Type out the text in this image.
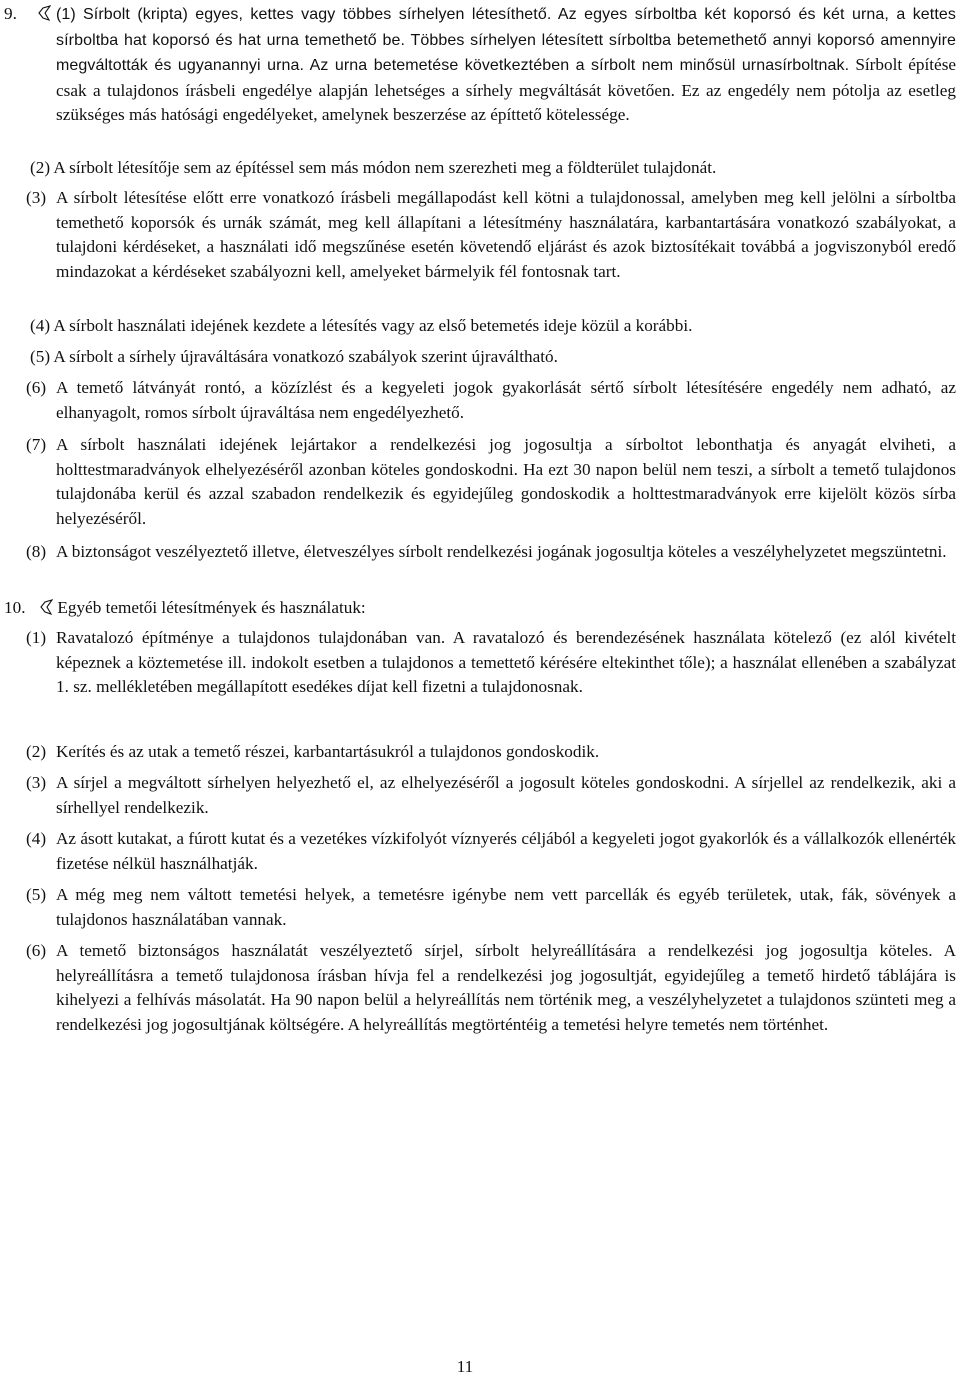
9. (1) Sírbolt (kripta) egyes, kettes vagy többes sírhelyen létesíthető. Az egyes sírboltba két koporsó és két urna, a kettes sírboltba hat koporsó és hat urna temethető be. Többes sírhelyen létesített sírboltba betemethető annyi koporsó amennyire megváltották és ugyanannyi urna. Az urna betemetése következtében a sírbolt nem minősül urnasírboltnak. Sírbolt építése csak a tulajdonos írásbeli engedélye alapján lehetséges a sírhely megváltását követően. Ez az engedély nem pótolja az esetleg szükséges más hatósági engedélyeket, amelynek beszerzése az építtető kötelessége.

(2) A sírbolt létesítője sem az építéssel sem más módon nem szerezheti meg a földterület tulajdonát.

(3) A sírbolt létesítése előtt erre vonatkozó írásbeli megállapodást kell kötni a tulajdonossal, amelyben meg kell jelölni a sírboltba temethető koporsók és urnák számát, meg kell állapítani a létesítmény használatára, karbantartására vonatkozó szabályokat, a tulajdoni kérdéseket, a használati idő megszűnése esetén követendő eljárást és azok biztosítékait továbbá a jogviszonyból eredő mindazokat a kérdéseket szabályozni kell, amelyeket bármelyik fél fontosnak tart.

(4) A sírbolt használati idejének kezdete a létesítés vagy az első betemetés ideje közül a korábbi.

(5) A sírbolt a sírhely újraváltására vonatkozó szabályok szerint újraváltható.

(6) A temető látványát rontó, a közízlést és a kegyeleti jogok gyakorlását sértő sírbolt létesítésére engedély nem adható, az elhanyagolt, romos sírbolt újraváltása nem engedélyezhető.

(7) A sírbolt használati idejének lejártakor a rendelkezési jog jogosultja a sírboltot lebonthatja és anyagát elviheti, a holttestmaradványok elhelyezéséről azonban köteles gondoskodni. Ha ezt 30 napon belül nem teszi, a sírbolt a temető tulajdonos tulajdonába kerül és azzal szabadon rendelkezik és egyidejűleg gondoskodik a holttestmaradványok erre kijelölt közös sírba helyezéséről.

(8) A biztonságot veszélyeztető illetve, életveszélyes sírbolt rendelkezési jogának jogosultja köteles a veszélyhelyzetet megszüntetni.

10. Egyéb temetői létesítmények és használatuk:
(1) Ravatalozó építménye a tulajdonos tulajdonában van. A ravatalozó és berendezésének használata kötelező (ez alól kivételt képeznek a köztemetése ill. indokolt esetben a tulajdonos a temettető kérésére eltekinthet tőle); a használat ellenében a szabályzat 1. sz. mellékletében megállapított esedékes díjat kell fizetni a tulajdonosnak.

(2) Kerítés és az utak a temető részei, karbantartásukról a tulajdonos gondoskodik.

(3) A sírjel a megváltott sírhelyen helyezhető el, az elhelyezéséről a jogosult köteles gondoskodni. A sírjellel az rendelkezik, aki a sírhellyel rendelkezik.

(4) Az ásott kutakat, a fúrott kutat és a vezetékes vízkifolyót víznyerés céljából a kegyeleti jogot gyakorlók és a vállalkozók ellenérték fizetése nélkül használhatják.

(5) A még meg nem váltott temetési helyek, a temetésre igénybe nem vett parcellák és egyéb területek, utak, fák, sövények a tulajdonos használatában vannak.

(6) A temető biztonságos használatát veszélyeztető sírjel, sírbolt helyreállítására a rendelkezési jog jogosultja köteles. A helyreállításra a temető tulajdonosa írásban hívja fel a rendelkezési jog jogosultját, egyidejűleg a temető hirdető táblájára is kihelyezi a felhívás másolatát. Ha 90 napon belül a helyreállítás nem történik meg, a veszélyhelyzetet a tulajdonos szünteti meg a rendelkezési jog jogosultjának költségére. A helyreállítás megtörténtéig a temetési helyre temetés nem történhet.

11
